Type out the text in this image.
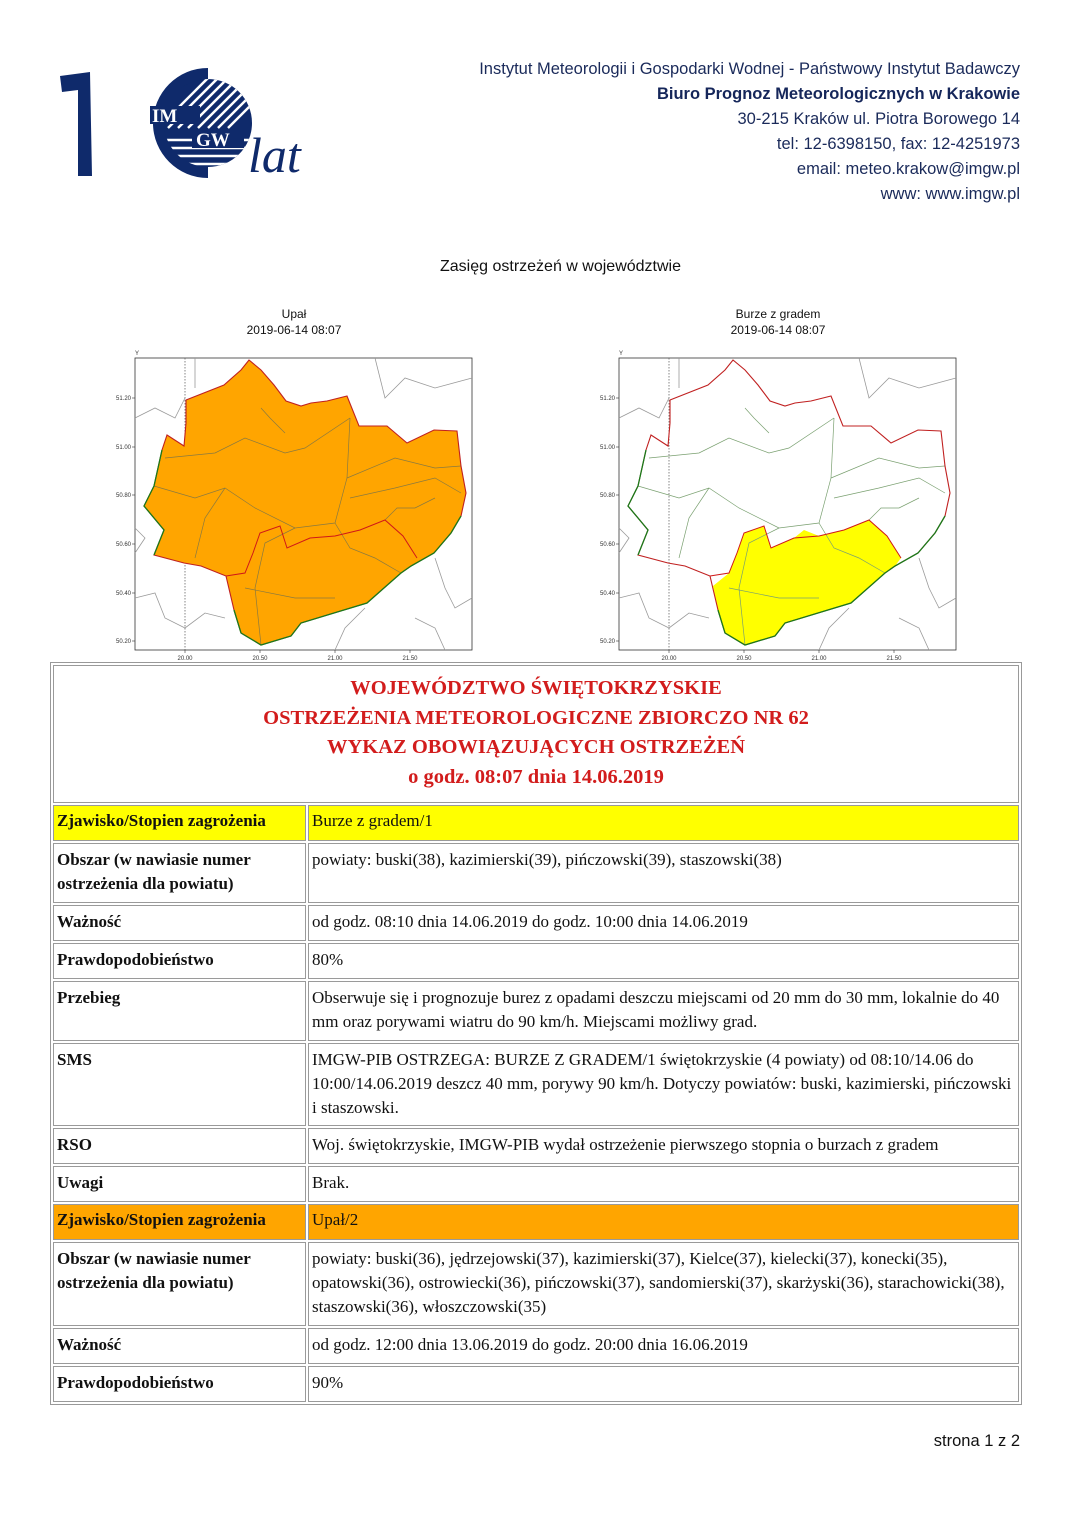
IM
GW lat
Instytut Meteorologii i Gospodarki Wodnej - Państwowy Instytut Badawczy
Biuro Prognoz Meteorologicznych w Krakowie
30-215 Kraków ul. Piotra Borowego 14
tel: 12-6398150, fax: 12-4251973
email: meteo.krakow@imgw.pl
www: www.imgw.pl
Zasięg ostrzeżeń w województwie
Upał
2019-06-14 08:07
Burze z gradem
2019-06-14 08:07
Y
51.20
51.00
50.80
50.60
50.40
50.20
20.00	20.50	21.00	21.50
Y
51.20
51.00
50.80
50.60
50.40
50.20
20.00	20.50	21.00	21.50
WOJEWÓDZTWO ŚWIĘTOKRZYSKIE
OSTRZEŻENIA METEOROLOGICZNE ZBIORCZO NR 62
WYKAZ OBOWIĄZUJĄCYCH OSTRZEŻEŃ
o godz. 08:07 dnia 14.06.2019	

Zjawisko/Stopien zagrożenia	Burze z gradem/1
Obszar (w nawiasie numer ostrzeżenia dla powiatu)	powiaty: buski(38), kazimierski(39), pińczowski(39), staszowski(38)
Ważność	od godz. 08:10 dnia 14.06.2019 do godz. 10:00 dnia 14.06.2019
Prawdopodobieństwo	80%
Przebieg	Obserwuje się i prognozuje burez z opadami deszczu miejscami od 20 mm do 30 mm, lokalnie do 40 mm oraz porywami wiatru do 90 km/h. Miejscami możliwy grad.
SMS	IMGW-PIB OSTRZEGA: BURZE Z GRADEM/1 świętokrzyskie (4 powiaty) od 08:10/14.06 do 10:00/14.06.2019 deszcz 40 mm, porywy 90 km/h. Dotyczy powiatów: buski, kazimierski, pińczowski i staszowski.
RSO	Woj. świętokrzyskie, IMGW-PIB wydał ostrzeżenie pierwszego stopnia o burzach z gradem
Uwagi	Brak.
Zjawisko/Stopien zagrożenia	Upał/2
Obszar (w nawiasie numer ostrzeżenia dla powiatu)	powiaty: buski(36), jędrzejowski(37), kazimierski(37), Kielce(37), kielecki(37), konecki(35), opatowski(36), ostrowiecki(36), pińczowski(37), sandomierski(37), skarżyski(36), starachowicki(38), staszowski(36), włoszczowski(35)
Ważność	od godz. 12:00 dnia 13.06.2019 do godz. 20:00 dnia 16.06.2019
Prawdopodobieństwo	90%
strona 1 z 2
